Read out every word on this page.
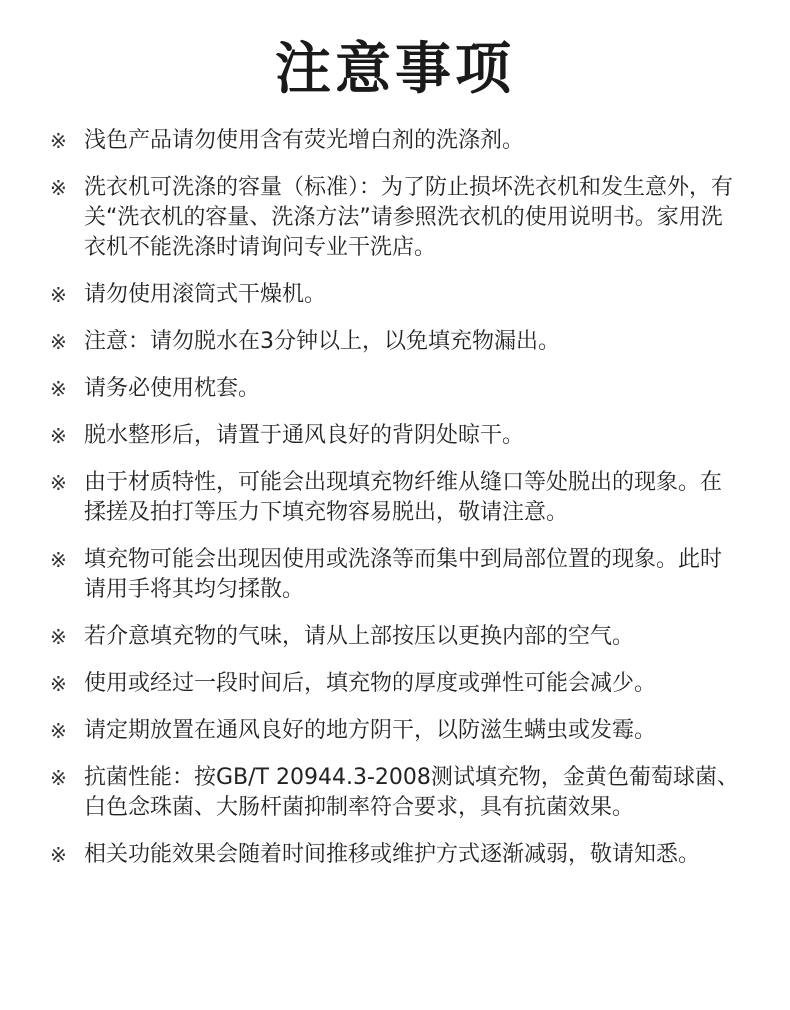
注意事项
※ 浅色产品请勿使用含有荧光增白剂的洗涤剂。
※ 洗衣机可洗涤的容量（标准）：为了防止损坏洗衣机和发生意外，有关“洗衣机的容量、洗涤方法”请参照洗衣机的使用说明书。家用洗衣机不能洗涤时请询问专业干洗店。
※ 请勿使用滚筒式干燥机。
※ 注意：请勿脱水在3分钟以上，以免填充物漏出。
※ 请务必使用枕套。
※ 脱水整形后，请置于通风良好的背阴处晾干。
※ 由于材质特性，可能会出现填充物纤维从缝口等处脱出的现象。在揉搓及拍打等压力下填充物容易脱出，敬请注意。
※ 填充物可能会出现因使用或洗涤等而集中到局部位置的现象。此时请用手将其均匀揉散。
※ 若介意填充物的气味，请从上部按压以更换内部的空气。
※ 使用或经过一段时间后，填充物的厚度或弹性可能会减少。
※ 请定期放置在通风良好的地方阴干，以防滋生螨虫或发霉。
※ 抗菌性能：按GB/T 20944.3-2008测试填充物，金黄色葡萄球菌、白色念珠菌、大肠杆菌抑制率符合要求，具有抗菌效果。
※ 相关功能效果会随着时间推移或维护方式逐渐减弱，敬请知悉。
